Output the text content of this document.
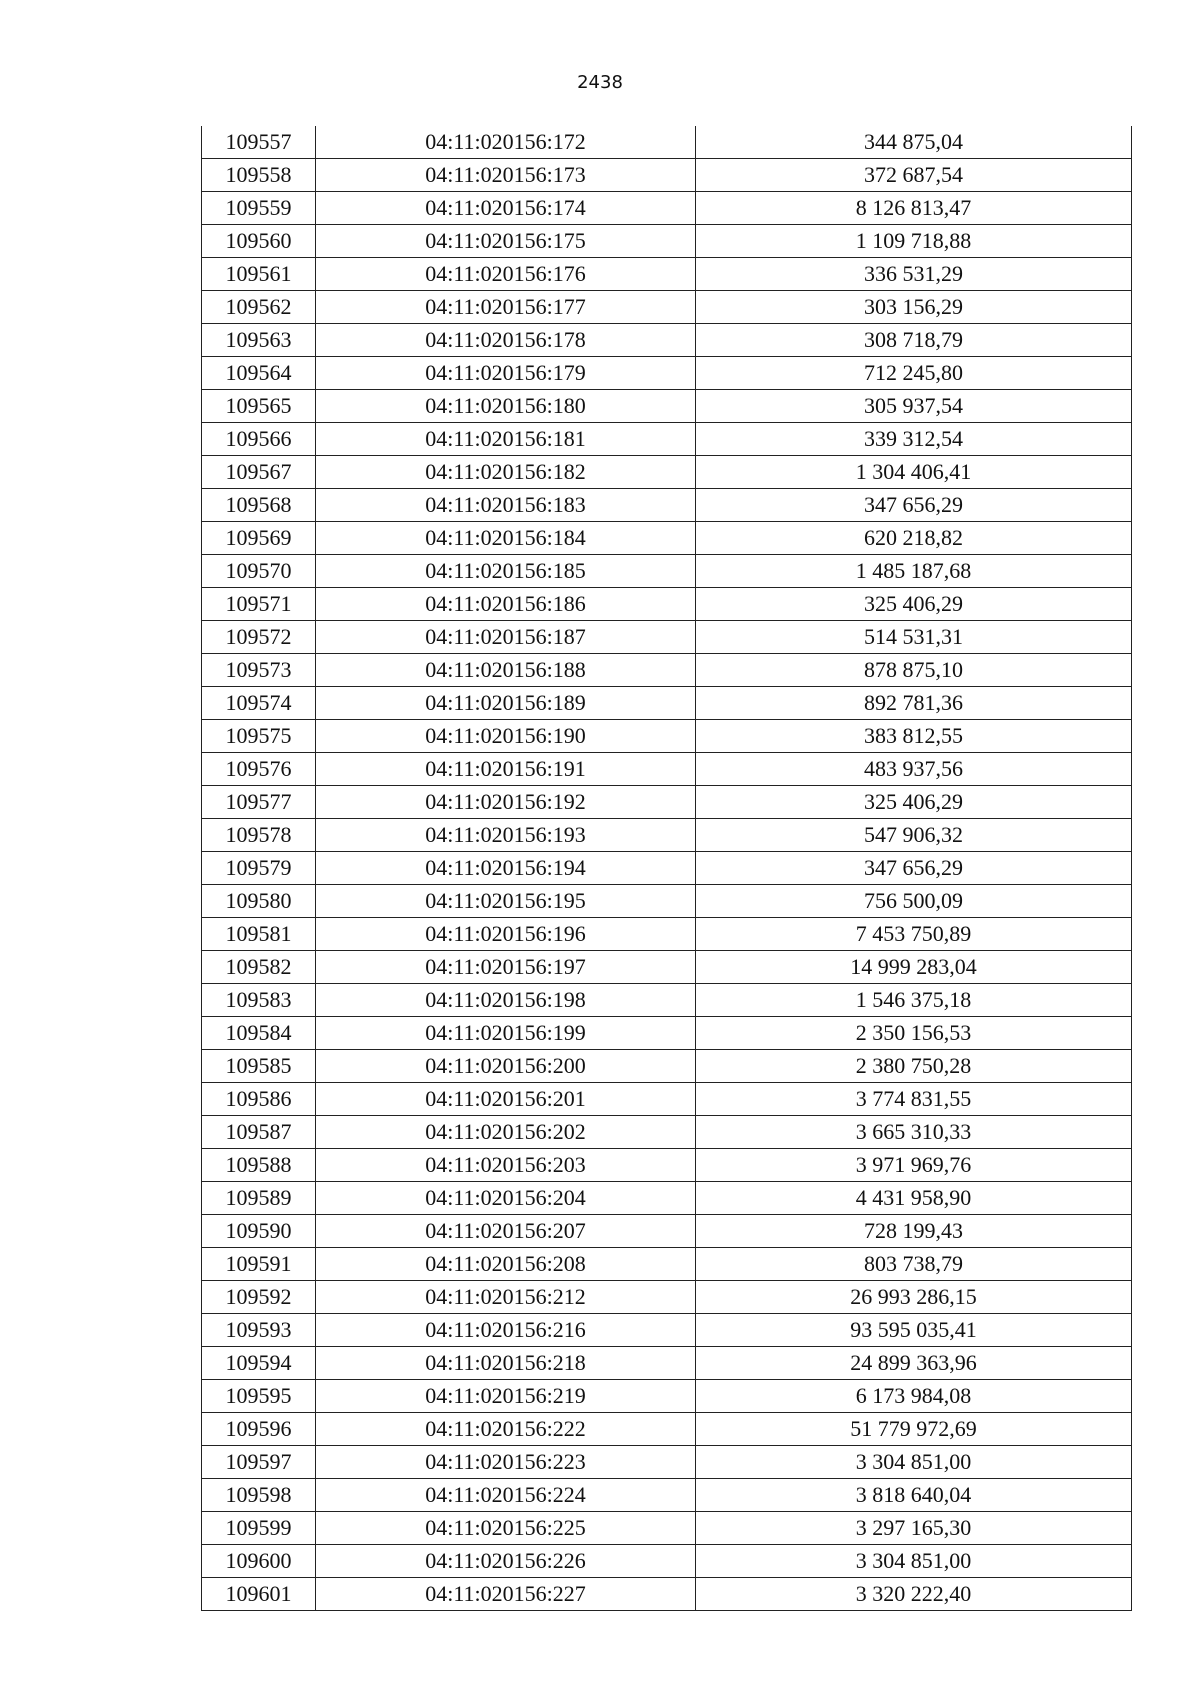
2438
109557	04:11:020156:172	344 875,04
109558	04:11:020156:173	372 687,54
109559	04:11:020156:174	8 126 813,47
109560	04:11:020156:175	1 109 718,88
109561	04:11:020156:176	336 531,29
109562	04:11:020156:177	303 156,29
109563	04:11:020156:178	308 718,79
109564	04:11:020156:179	712 245,80
109565	04:11:020156:180	305 937,54
109566	04:11:020156:181	339 312,54
109567	04:11:020156:182	1 304 406,41
109568	04:11:020156:183	347 656,29
109569	04:11:020156:184	620 218,82
109570	04:11:020156:185	1 485 187,68
109571	04:11:020156:186	325 406,29
109572	04:11:020156:187	514 531,31
109573	04:11:020156:188	878 875,10
109574	04:11:020156:189	892 781,36
109575	04:11:020156:190	383 812,55
109576	04:11:020156:191	483 937,56
109577	04:11:020156:192	325 406,29
109578	04:11:020156:193	547 906,32
109579	04:11:020156:194	347 656,29
109580	04:11:020156:195	756 500,09
109581	04:11:020156:196	7 453 750,89
109582	04:11:020156:197	14 999 283,04
109583	04:11:020156:198	1 546 375,18
109584	04:11:020156:199	2 350 156,53
109585	04:11:020156:200	2 380 750,28
109586	04:11:020156:201	3 774 831,55
109587	04:11:020156:202	3 665 310,33
109588	04:11:020156:203	3 971 969,76
109589	04:11:020156:204	4 431 958,90
109590	04:11:020156:207	728 199,43
109591	04:11:020156:208	803 738,79
109592	04:11:020156:212	26 993 286,15
109593	04:11:020156:216	93 595 035,41
109594	04:11:020156:218	24 899 363,96
109595	04:11:020156:219	6 173 984,08
109596	04:11:020156:222	51 779 972,69
109597	04:11:020156:223	3 304 851,00
109598	04:11:020156:224	3 818 640,04
109599	04:11:020156:225	3 297 165,30
109600	04:11:020156:226	3 304 851,00
109601	04:11:020156:227	3 320 222,40
